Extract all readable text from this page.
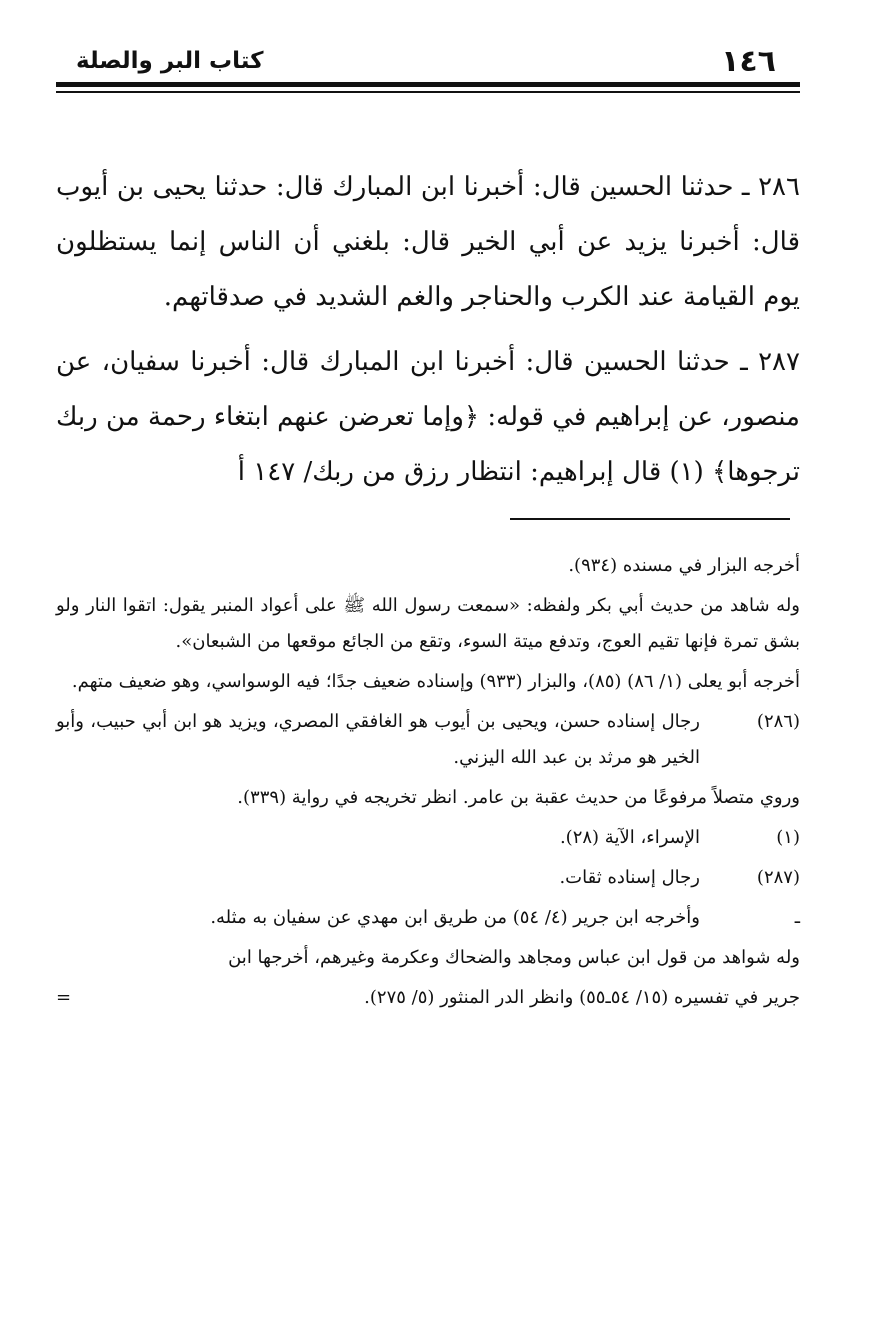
١٤٦
كتاب البر والصلة

٢٨٦ ـ حدثنا الحسين قال: أخبرنا ابن المبارك قال: حدثنا يحيى بن أيوب قال: أخبرنا يزيد عن أبي الخير قال: بلغني أن الناس إنما يستظلون يوم القيامة عند الكرب والحناجر والغم الشديد في صدقاتهم.

٢٨٧ ـ حدثنا الحسين قال: أخبرنا ابن المبارك قال: أخبرنا سفيان، عن منصور، عن إبراهيم في قوله: ﴿وإما تعرضن عنهم ابتغاء رحمة من ربك ترجوها﴾ (١) قال إبراهيم: انتظار رزق من ربك/ ١٤٧ أ

أخرجه البزار في مسنده (٩٣٤).
وله شاهد من حديث أبي بكر ولفظه: «سمعت رسول الله ﷺ على أعواد المنبر يقول: اتقوا النار ولو بشق تمرة فإنها تقيم العوج، وتدفع ميتة السوء، وتقع من الجائع موقعها من الشبعان».
أخرجه أبو يعلى (١/ ٨٦) (٨٥)، والبزار (٩٣٣) وإسناده ضعيف جدًا؛ فيه الوسواسي، وهو ضعيف متهم.
(٢٨٦)
رجال إسناده حسن، ويحيى بن أيوب هو الغافقي المصري، ويزيد هو ابن أبي حبيب، وأبو الخير هو مرثد بن عبد الله اليزني.
وروي متصلاً مرفوعًا من حديث عقبة بن عامر. انظر تخريجه في رواية (٣٣٩).
(١)
الإسراء، الآية (٢٨).
(٢٨٧)
رجال إسناده ثقات.
ـ
وأخرجه ابن جرير (٤/ ٥٤) من طريق ابن مهدي عن سفيان به مثله.
وله شواهد من قول ابن عباس ومجاهد والضحاك وعكرمة وغيرهم، أخرجها ابن
جرير في تفسيره (١٥/ ٥٤ـ٥٥) وانظر الدر المنثور (٥/ ٢٧٥).
=
